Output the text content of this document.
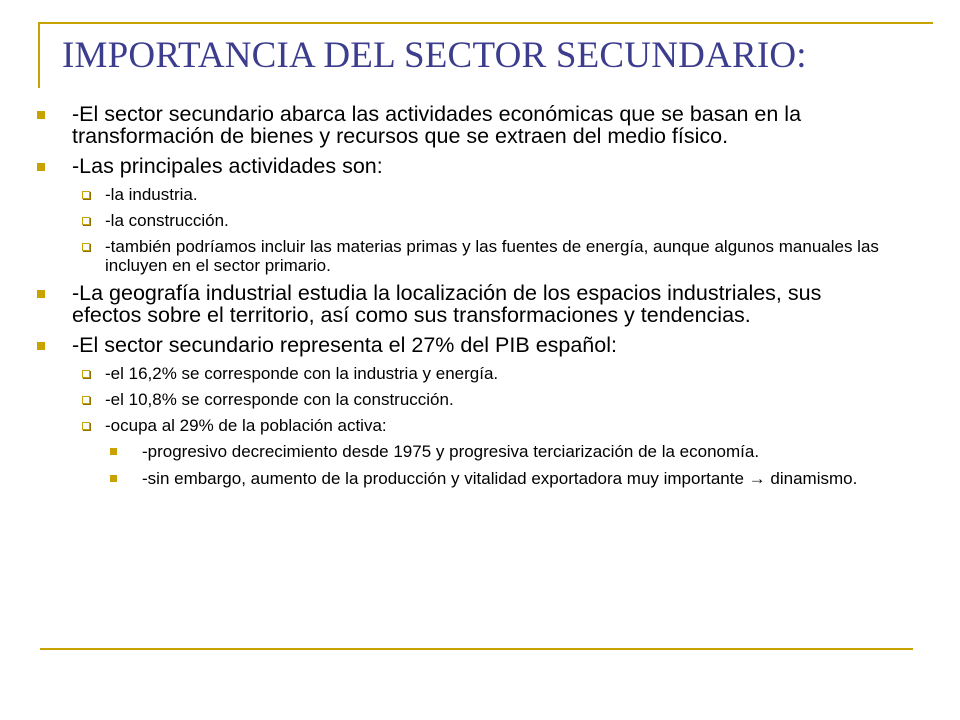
IMPORTANCIA DEL SECTOR SECUNDARIO:
-El sector secundario abarca las actividades económicas que se basan en la transformación de bienes y recursos que se extraen del medio físico.
-Las principales actividades son:
-la industria.
-la construcción.
-también podríamos incluir las materias primas y las fuentes de energía, aunque algunos manuales las incluyen en el sector primario.
-La geografía industrial estudia la localización de los espacios industriales, sus efectos sobre el territorio, así como sus transformaciones y tendencias.
-El sector secundario representa el 27% del PIB español:
-el 16,2% se corresponde con la industria y energía.
-el 10,8% se corresponde con la construcción.
-ocupa al 29% de la población activa:
-progresivo decrecimiento desde 1975 y progresiva terciarización de la economía.
-sin embargo, aumento de la producción y vitalidad exportadora muy importante → dinamismo.
